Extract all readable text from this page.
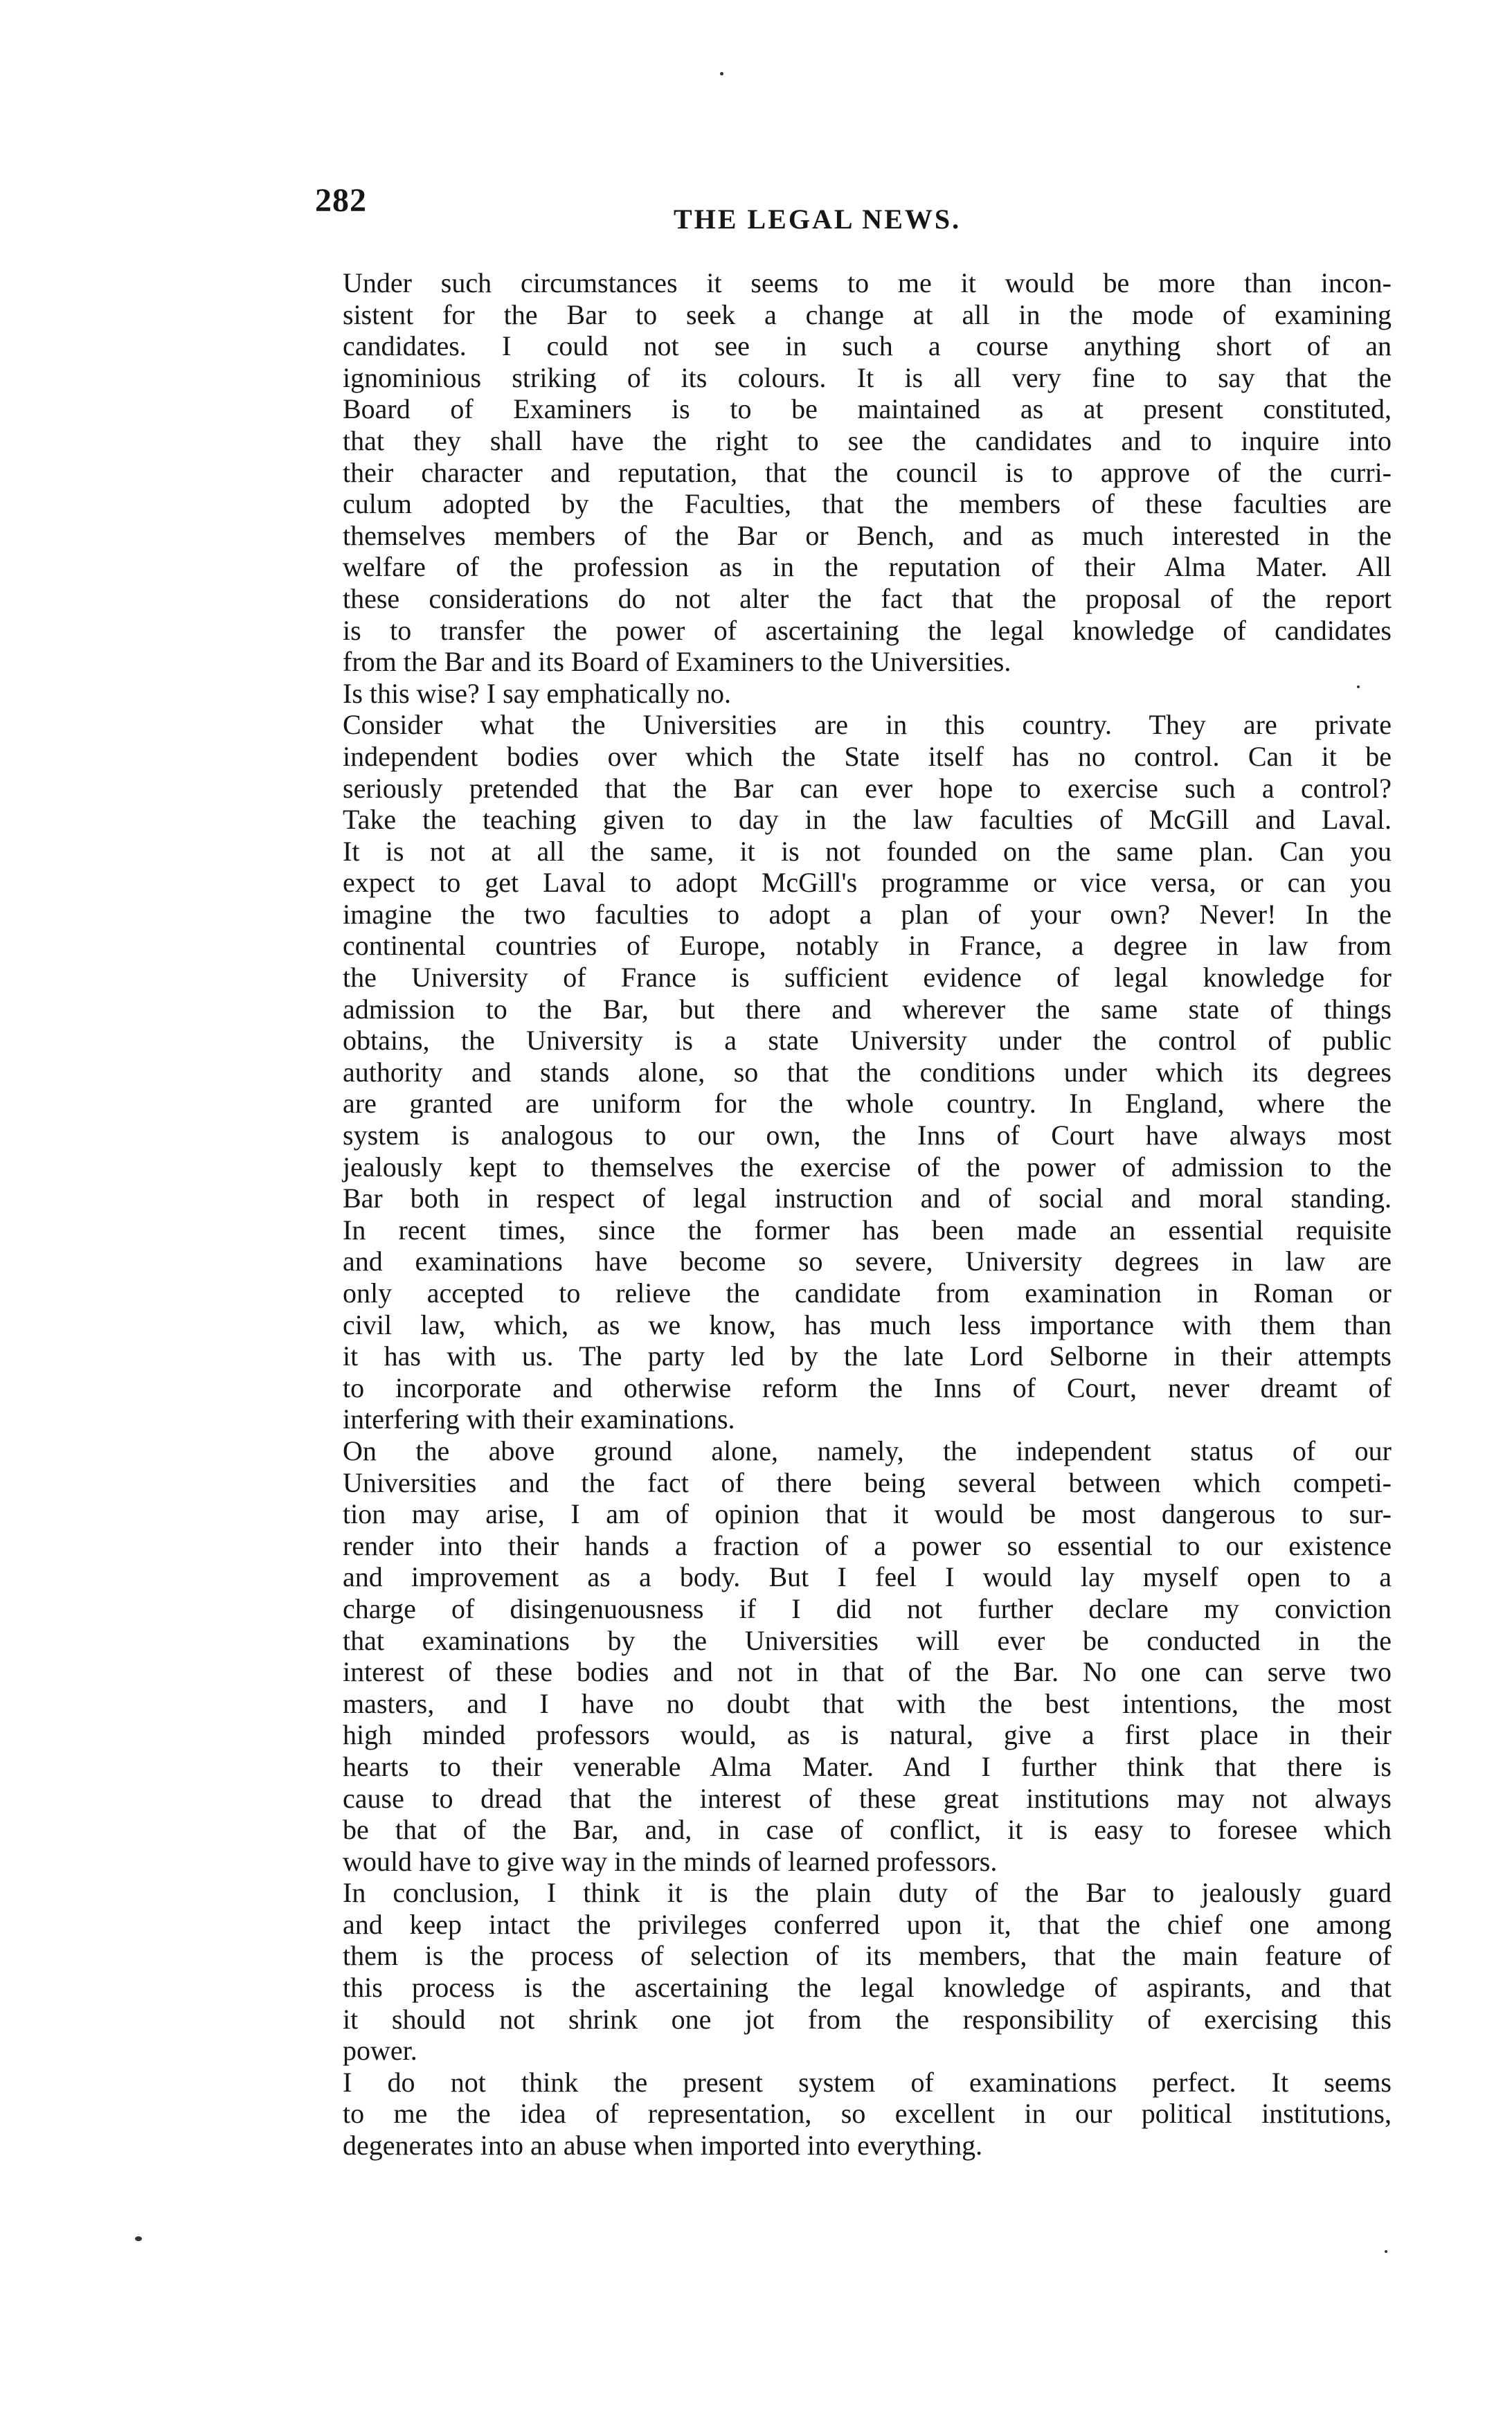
282
THE LEGAL NEWS.

Under such circumstances it seems to me it would be more than incon-
sistent for the Bar to seek a change at all in the mode of examining
candidates. I could not see in such a course anything short of an
ignominious striking of its colours. It is all very fine to say that the
Board of Examiners is to be maintained as at present constituted,
that they shall have the right to see the candidates and to inquire into
their character and reputation, that the council is to approve of the curri-
culum adopted by the Faculties, that the members of these faculties are
themselves members of the Bar or Bench, and as much interested in the
welfare of the profession as in the reputation of their Alma Mater. All
these considerations do not alter the fact that the proposal of the report
is to transfer the power of ascertaining the legal knowledge of candidates
from the Bar and its Board of Examiners to the Universities.

Is this wise? I say emphatically no.

Consider what the Universities are in this country. They are private
independent bodies over which the State itself has no control. Can it be
seriously pretended that the Bar can ever hope to exercise such a control?
Take the teaching given to day in the law faculties of McGill and Laval.
It is not at all the same, it is not founded on the same plan. Can you
expect to get Laval to adopt McGill's programme or vice versa, or can you
imagine the two faculties to adopt a plan of your own? Never! In the
continental countries of Europe, notably in France, a degree in law from
the University of France is sufficient evidence of legal knowledge for
admission to the Bar, but there and wherever the same state of things
obtains, the University is a state University under the control of public
authority and stands alone, so that the conditions under which its degrees
are granted are uniform for the whole country. In England, where the
system is analogous to our own, the Inns of Court have always most
jealously kept to themselves the exercise of the power of admission to the
Bar both in respect of legal instruction and of social and moral standing.
In recent times, since the former has been made an essential requisite
and examinations have become so severe, University degrees in law are
only accepted to relieve the candidate from examination in Roman or
civil law, which, as we know, has much less importance with them than
it has with us. The party led by the late Lord Selborne in their attempts
to incorporate and otherwise reform the Inns of Court, never dreamt of
interfering with their examinations.

On the above ground alone, namely, the independent status of our
Universities and the fact of there being several between which competi-
tion may arise, I am of opinion that it would be most dangerous to sur-
render into their hands a fraction of a power so essential to our existence
and improvement as a body. But I feel I would lay myself open to a
charge of disingenuousness if I did not further declare my conviction
that examinations by the Universities will ever be conducted in the
interest of these bodies and not in that of the Bar. No one can serve two
masters, and I have no doubt that with the best intentions, the most
high minded professors would, as is natural, give a first place in their
hearts to their venerable Alma Mater. And I further think that there is
cause to dread that the interest of these great institutions may not always
be that of the Bar, and, in case of conflict, it is easy to foresee which
would have to give way in the minds of learned professors.

In conclusion, I think it is the plain duty of the Bar to jealously guard
and keep intact the privileges conferred upon it, that the chief one among
them is the process of selection of its members, that the main feature of
this process is the ascertaining the legal knowledge of aspirants, and that
it should not shrink one jot from the responsibility of exercising this
power.

I do not think the present system of examinations perfect. It seems
to me the idea of representation, so excellent in our political institutions,
degenerates into an abuse when imported into everything.
